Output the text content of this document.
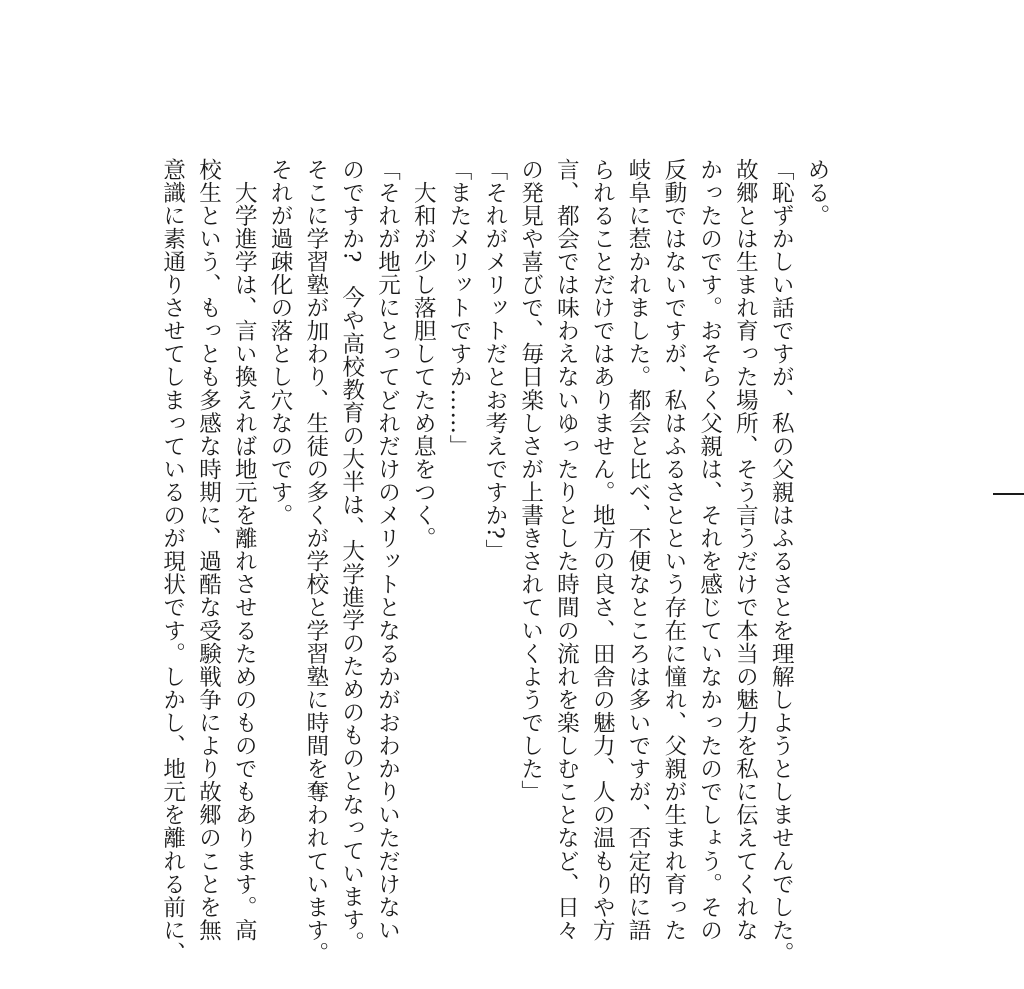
める。
「恥ずかしい話ですが、私の父親はふるさとを理解しようとしませんでした。
故郷とは生まれ育った場所、そう言うだけで本当の魅力を私に伝えてくれな
かったのです。おそらく父親は、それを感じていなかったのでしょう。その
反動ではないですが、私はふるさとという存在に憧れ、父親が生まれ育った
岐阜に惹かれました。都会と比べ、不便なところは多いですが、否定的に語
られることだけではありません。地方の良さ、田舎の魅力、人の温もりや方
言、都会では味わえないゆったりとした時間の流れを楽しむことなど、日々
の発見や喜びで、毎日楽しさが上書きされていくようでした」
「それがメリットだとお考えですか?」
「またメリットですか……」
　大和が少し落胆してため息をつく。
「それが地元にとってどれだけのメリットとなるかがおわかりいただけない
のですか?　今や高校教育の大半は、大学進学のためのものとなっています。
そこに学習塾が加わり、生徒の多くが学校と学習塾に時間を奪われています。
それが過疎化の落とし穴なのです。
　大学進学は、言い換えれば地元を離れさせるためのものでもあります。高
校生という、もっとも多感な時期に、過酷な受験戦争により故郷のことを無
意識に素通りさせてしまっているのが現状です。しかし、地元を離れる前に、
